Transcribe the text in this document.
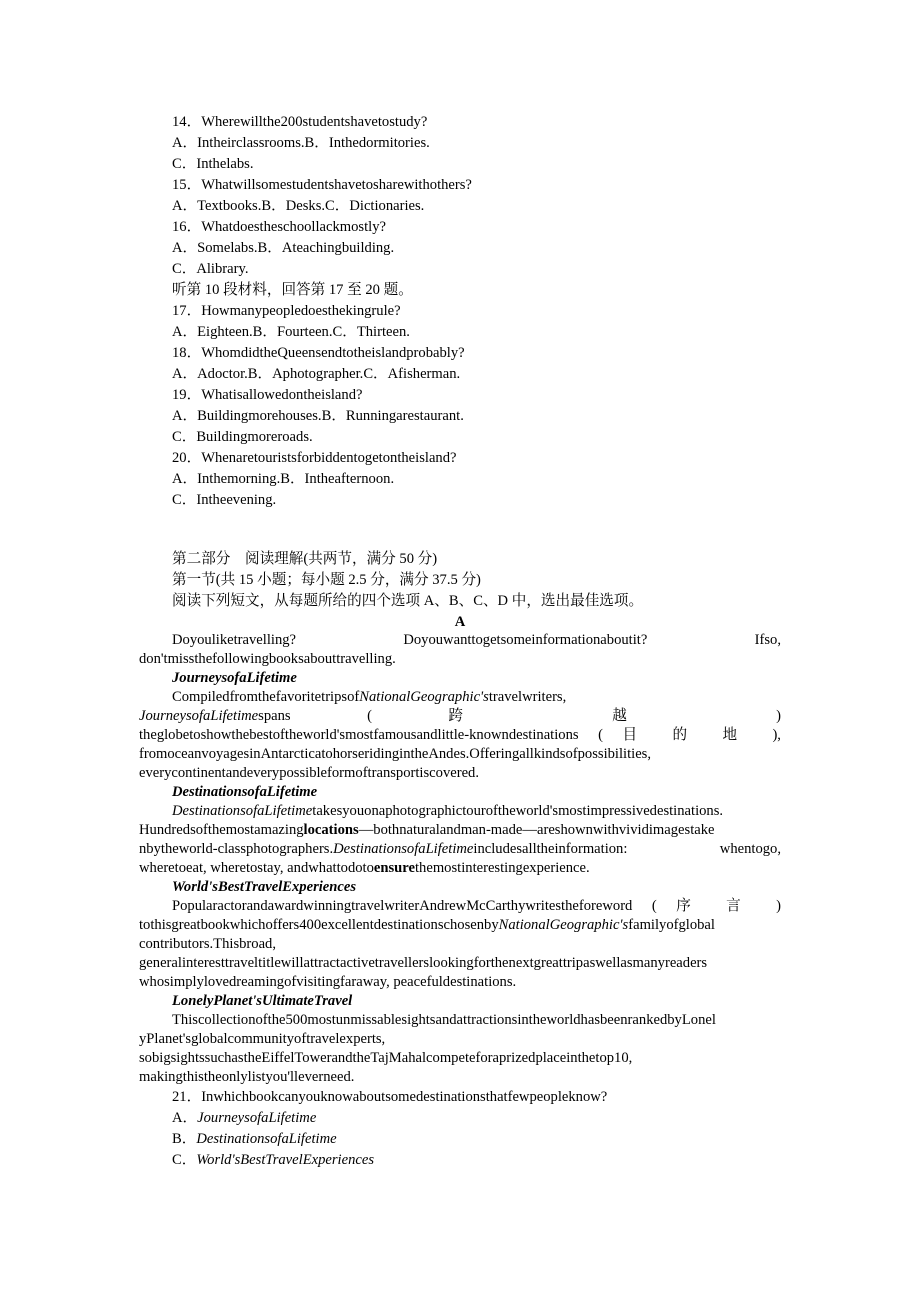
14．Wherewillthe200studentshavetostudy?
A．Intheirclassrooms.B．Inthedormitories.
C．Inthelabs.
15．Whatwillsomestudentshavetosharewithothers?
A．Textbooks.B．Desks.C．Dictionaries.
16．Whatdoestheschoollackmostly?
A．Somelabs.B．Ateachingbuilding.
C．Alibrary.
听第 10 段材料，回答第 17 至 20 题。
17．Howmanypeopledoesthekingrule?
A．Eighteen.B．Fourteen.C．Thirteen.
18．WhomdidtheQueensendtotheislandprobably?
A．Adoctor.B．Aphotographer.C．Afisherman.
19．Whatisallowedontheisland?
A．Buildingmorehouses.B．Runningarestaurant.
C．Buildingmoreroads.
20．Whenaretouristsforbiddentogetontheisland?
A．Inthemorning.B．Intheafternoon.
C．Intheevening.
第二部分　阅读理解(共两节，满分 50 分)
第一节(共 15 小题；每小题 2.5 分，满分 37.5 分)
阅读下列短文，从每题所给的四个选项 A、B、C、D 中，选出最佳选项。
A

Doyouliketravelling?	Doyouwanttogetsomeinformationaboutit?	Ifso,

don'tmissthefollowingbooksabouttravelling.

JourneysofaLifetime

CompiledfromthefavoritetripsofNationalGeographic'stravelwriters,

JourneysofaLifetimespans	(	跨	越	)

theglobetoshowthebestoftheworld'smostfamousandlittle-knowndestinations ( 目 的 地 ),

fromoceanvoyagesinAntarcticatohorseridingintheAndes.Offeringallkindsofpossibilities,

everycontinentandeverypossibleformoftransportiscovered.

DestinationsofaLifetime

DestinationsofaLifetimetakesyouonaphotographictouroftheworld'smostimpressivedestinations.

Hundredsofthemostamazinglocations—bothnaturalandman-made—areshownwithvividimagestake

nbytheworld-classphotographers.DestinationsofaLifetimeincludesalltheinformation:	whentogo,

wheretoeat, wheretostay, andwhattodotoensurethemostinterestingexperience.

World'sBestTravelExperiences

PopularactorandawardwinningtravelwriterAndrewMcCarthywritestheforeword ( 序 言 )

tothisgreatbookwhichoffers400excellentdestinationschosenbyNationalGeographic'sfamilyofglobal

contributors.Thisbroad,

generalinteresttraveltitlewillattractactivetravellerslookingforthenextgreattripaswellasmanyreaders

whosimplylovedreamingofvisitingfaraway, peacefuldestinations.

LonelyPlanet'sUltimateTravel

Thiscollectionofthe500mostunmissablesightsandattractionsintheworldhasbeenrankedbyLonel

yPlanet'sglobalcommunityoftravelexperts,

sobigsightssuchastheEiffelTowerandtheTajMahalcompeteforaprizedplaceinthetop10,

makingthistheonlylistyou'lleverneed.

21．Inwhichbookcanyouknowaboutsomedestinationsthatfewpeopleknow?

A．JourneysofaLifetime

B．DestinationsofaLifetime

C．World'sBestTravelExperiences
